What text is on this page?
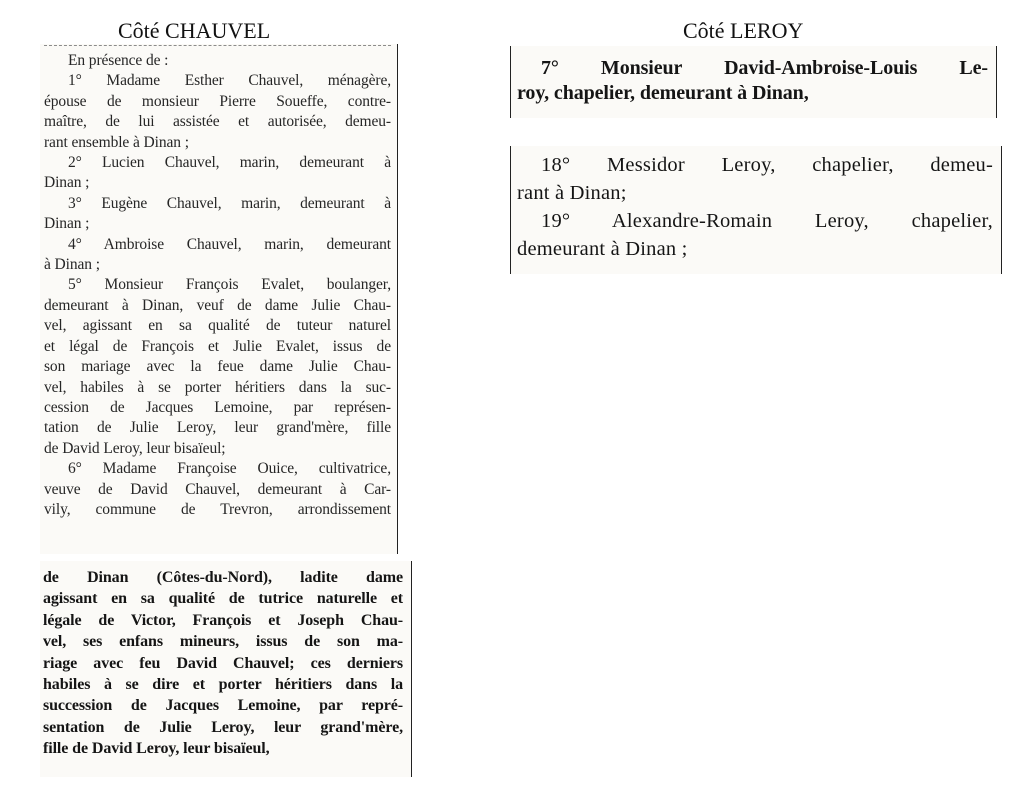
Côté CHAUVEL	Côté LEROY
En présence de :
1° Madame Esther Chauvel, ménagère,
épouse de monsieur Pierre Soueffe, contre-
maître, de lui assistée et autorisée, demeu-
rant ensemble à Dinan ;
2° Lucien Chauvel, marin, demeurant à
Dinan ;
3° Eugène Chauvel, marin, demeurant à
Dinan ;
4° Ambroise Chauvel, marin, demeurant
à Dinan ;
5° Monsieur François Evalet, boulanger,
demeurant à Dinan, veuf de dame Julie Chau-
vel, agissant en sa qualité de tuteur naturel
et légal de François et Julie Evalet, issus de
son mariage avec la feue dame Julie Chau-
vel, habiles à se porter héritiers dans la suc-
cession de Jacques Lemoine, par représen-
tation de Julie Leroy, leur grand'mère, fille
de David Leroy, leur bisaïeul;
6° Madame Françoise Ouice, cultivatrice,
veuve de David Chauvel, demeurant à Car-
vily, commune de Trevron, arrondissement
de Dinan (Côtes-du-Nord), ladite dame
agissant en sa qualité de tutrice naturelle et
légale de Victor, François et Joseph Chau-
vel, ses enfans mineurs, issus de son ma-
riage avec feu David Chauvel; ces derniers
habiles à se dire et porter héritiers dans la
succession de Jacques Lemoine, par repré-
sentation de Julie Leroy, leur grand'mère,
fille de David Leroy, leur bisaïeul,
7° Monsieur David-Ambroise-Louis Le-
roy, chapelier, demeurant à Dinan,
18° Messidor Leroy, chapelier, demeu-
rant à Dinan;
19° Alexandre-Romain Leroy, chapelier,
demeurant à Dinan ;
